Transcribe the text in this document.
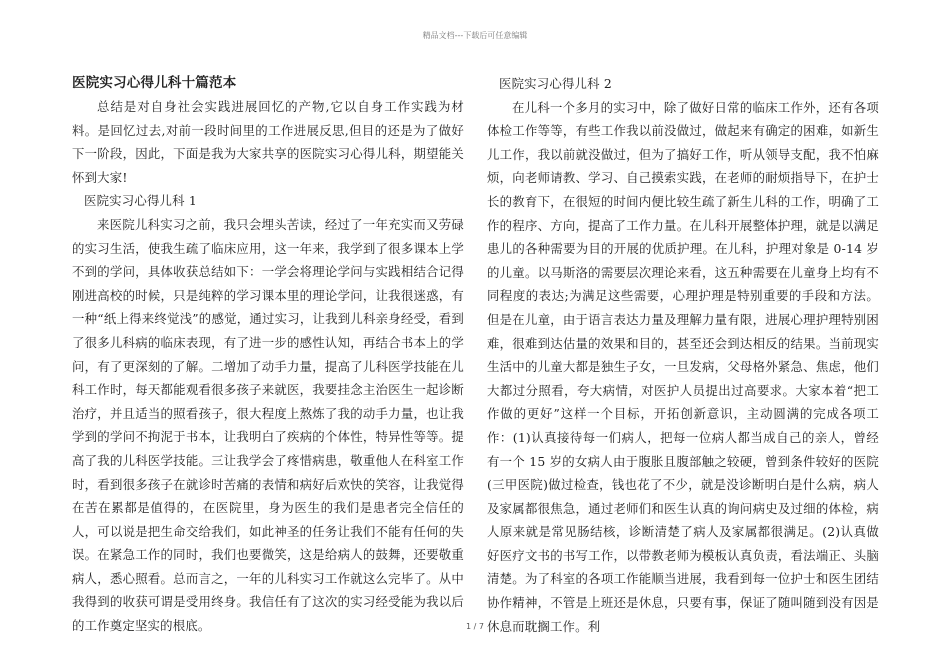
精品文档---下载后可任意编辑
医院实习心得儿科十篇范本

总结是对自身社会实践进展回忆的产物,它以自身工作实践为材料。是回忆过去,对前一段时间里的工作进展反思,但目的还是为了做好下一阶段，因此，下面是我为大家共享的医院实习心得儿科，期望能关怀到大家!

医院实习心得儿科 1

来医院儿科实习之前，我只会埋头苦读，经过了一年充实而又劳碌的实习生活，使我生疏了临床应用，这一年来，我学到了很多课本上学不到的学问，具体收获总结如下：一学会将理论学问与实践相结合记得刚进高校的时候，只是纯粹的学习课本里的理论学问，让我很迷惑，有一种“纸上得来终觉浅”的感觉，通过实习，让我到儿科亲身经受，看到了很多儿科病的临床表现，有了进一步的感性认知，再结合书本上的学问，有了更深刻的了解。二增加了动手力量，提高了儿科医学技能在儿科工作时，每天都能观看很多孩子来就医，我要挂念主治医生一起诊断治疗，并且适当的照看孩子，很大程度上熬炼了我的动手力量，也让我学到的学问不拘泥于书本，让我明白了疾病的个体性，特异性等等。提高了我的儿科医学技能。三让我学会了疼惜病患，敬重他人在科室工作时，看到很多孩子在就诊时苦痛的表情和病好后欢快的笑容，让我觉得在苦在累都是值得的，在医院里，身为医生的我们是患者完全信任的人，可以说是把生命交给我们，如此神圣的任务让我们不能有任何的失误。在紧急工作的同时，我们也要微笑，这是给病人的鼓舞，还要敬重病人，悉心照看。总而言之，一年的儿科实习工作就这么完毕了。从中我得到的收获可谓是受用终身。我信任有了这次的实习经受能为我以后的工作奠定坚实的根底。

医院实习心得儿科 2

在儿科一个多月的实习中，除了做好日常的临床工作外，还有各项体检工作等等，有些工作我以前没做过，做起来有确定的困难，如新生儿工作，我以前就没做过，但为了搞好工作，听从领导支配，我不怕麻烦，向老师请教、学习、自己摸索实践，在老师的耐烦指导下，在护士长的教育下，在很短的时间内便比较生疏了新生儿科的工作，明确了工作的程序、方向，提高了工作力量。在儿科开展整体护理，就是以满足患儿的各种需要为目的开展的优质护理。在儿科，护理对象是 0-14 岁的儿童。以马斯洛的需要层次理论来看，这五种需要在儿童身上均有不同程度的表达;为满足这些需要，心理护理是特别重要的手段和方法。但是在儿童，由于语言表达力量及理解力量有限，进展心理护理特别困难，很难到达估量的效果和目的，甚至还会到达相反的结果。当前现实生活中的儿童大都是独生子女，一旦发病，父母格外紧急、焦虑，他们大都过分照看，夸大病情，对医护人员提出过高要求。大家本着“把工作做的更好”这样一个目标，开拓创新意识，主动圆满的完成各项工作：(1)认真接待每一们病人，把每一位病人都当成自己的亲人，曾经有一个 15 岁的女病人由于腹胀且腹部触之较硬，曾到条件较好的医院(三甲医院)做过检查，钱也花了不少，就是没诊断明白是什么病，病人及家属都很焦急，通过老师们和医生认真的询问病史及过细的体检，病人原来就是常见肠结核，诊断清楚了病人及家属都很满足。(2)认真做好医疗文书的书写工作，以带教老师为模板认真负责，看法端正、头脑清楚。为了科室的各项工作能顺当进展，我看到每一位护士和医生团结协作精神，不管是上班还是休息，只要有事，保证了随叫随到没有因是休息而耽搁工作。利

1 / 7
